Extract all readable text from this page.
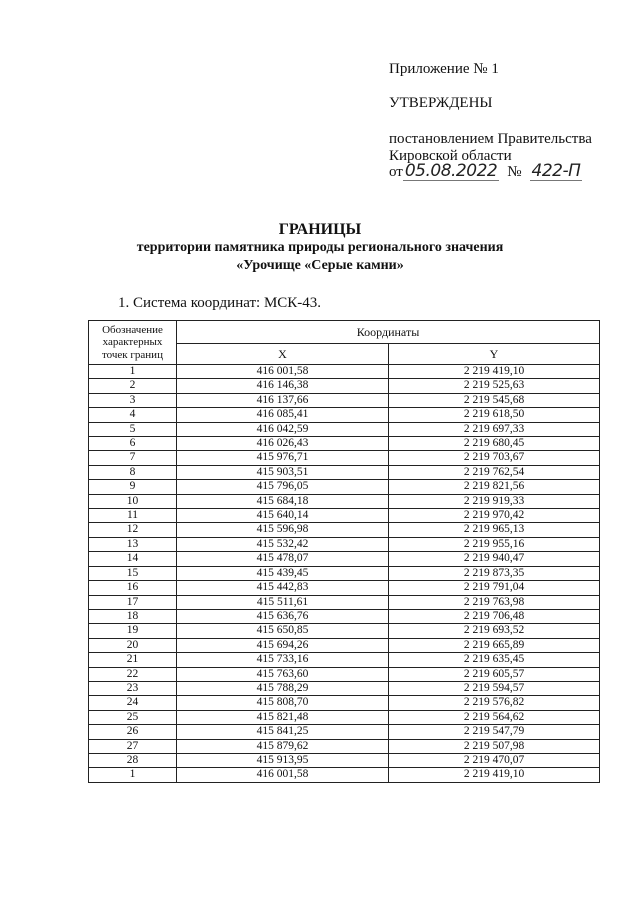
Приложение № 1
УТВЕРЖДЕНЫ
постановлением Правительства
Кировской области
от 05.08.2022 № 422-П
ГРАНИЦЫ
территории памятника природы регионального значения
«Урочище «Серые камни»
1. Система координат: МСК-43.
Обозначение характерных точек границ	Координаты	
	X	Y
1	416 001,58	2 219 419,10
2	416 146,38	2 219 525,63
3	416 137,66	2 219 545,68
4	416 085,41	2 219 618,50
5	416 042,59	2 219 697,33
6	416 026,43	2 219 680,45
7	415 976,71	2 219 703,67
8	415 903,51	2 219 762,54
9	415 796,05	2 219 821,56
10	415 684,18	2 219 919,33
11	415 640,14	2 219 970,42
12	415 596,98	2 219 965,13
13	415 532,42	2 219 955,16
14	415 478,07	2 219 940,47
15	415 439,45	2 219 873,35
16	415 442,83	2 219 791,04
17	415 511,61	2 219 763,98
18	415 636,76	2 219 706,48
19	415 650,85	2 219 693,52
20	415 694,26	2 219 665,89
21	415 733,16	2 219 635,45
22	415 763,60	2 219 605,57
23	415 788,29	2 219 594,57
24	415 808,70	2 219 576,82
25	415 821,48	2 219 564,62
26	415 841,25	2 219 547,79
27	415 879,62	2 219 507,98
28	415 913,95	2 219 470,07
1	416 001,58	2 219 419,10
